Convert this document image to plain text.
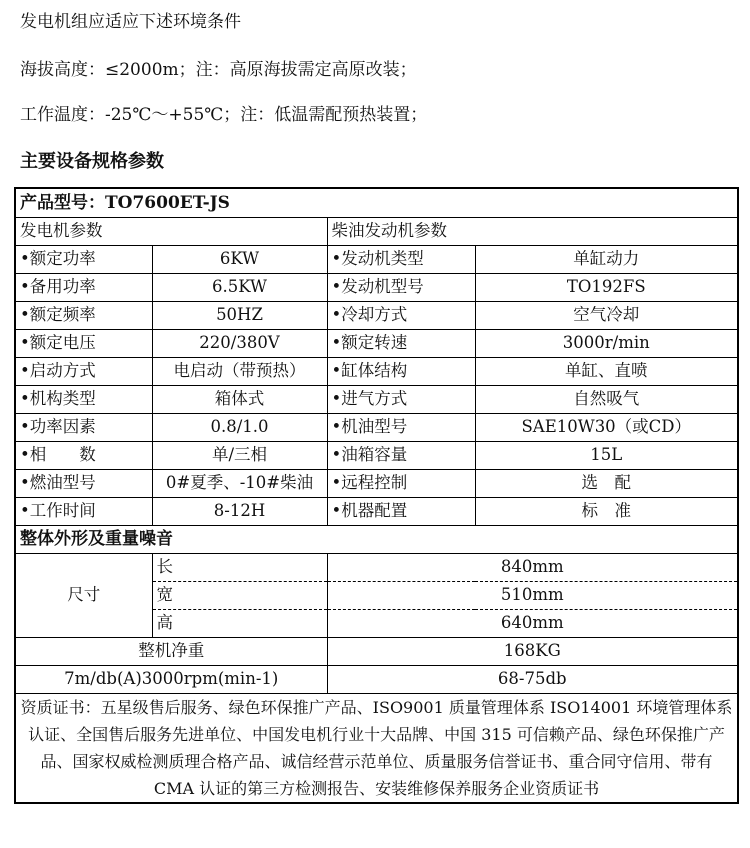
发电机组应适应下述环境条件
海拔高度：≤2000m；注：高原海拔需定高原改装；
工作温度：-25℃～+55℃；注：低温需配预热装置；
主要设备规格参数
产品型号：TO7600ET-JS			
发电机参数		柴油发动机参数	
•额定功率	6KW	•发动机类型	单缸动力
•备用功率	6.5KW	•发动机型号	TO192FS
•额定频率	50HZ	•冷却方式	空气冷却
•额定电压	220/380V	•额定转速	3000r/min
•启动方式	电启动（带预热）	•缸体结构	单缸、直喷
•机构类型	箱体式	•进气方式	自然吸气
•功率因素	0.8/1.0	•机油型号	SAE10W30（或CD）
•相　　数	单/三相	•油箱容量	15L
•燃油型号	0#夏季、-10#柴油	•远程控制	选　配
•工作时间	8-12H	•机器配置	标　准
整体外形及重量噪音			
尺寸	长	840mm	
	宽	510mm	
	高	640mm	
整机净重		168KG	
7m/db(A)3000rpm(min-1)		68-75db	
资质证书：五星级售后服务、绿色环保推广产品、ISO9001 质量管理体系 ISO14001 环境管理体系认证、全国售后服务先进单位、中国发电机行业十大品牌、中国 315 可信赖产品、绿色环保推广产品、国家权威检测质理合格产品、诚信经营示范单位、质量服务信誉证书、重合同守信用、带有 CMA 认证的第三方检测报告、安装维修保养服务企业资质证书			
